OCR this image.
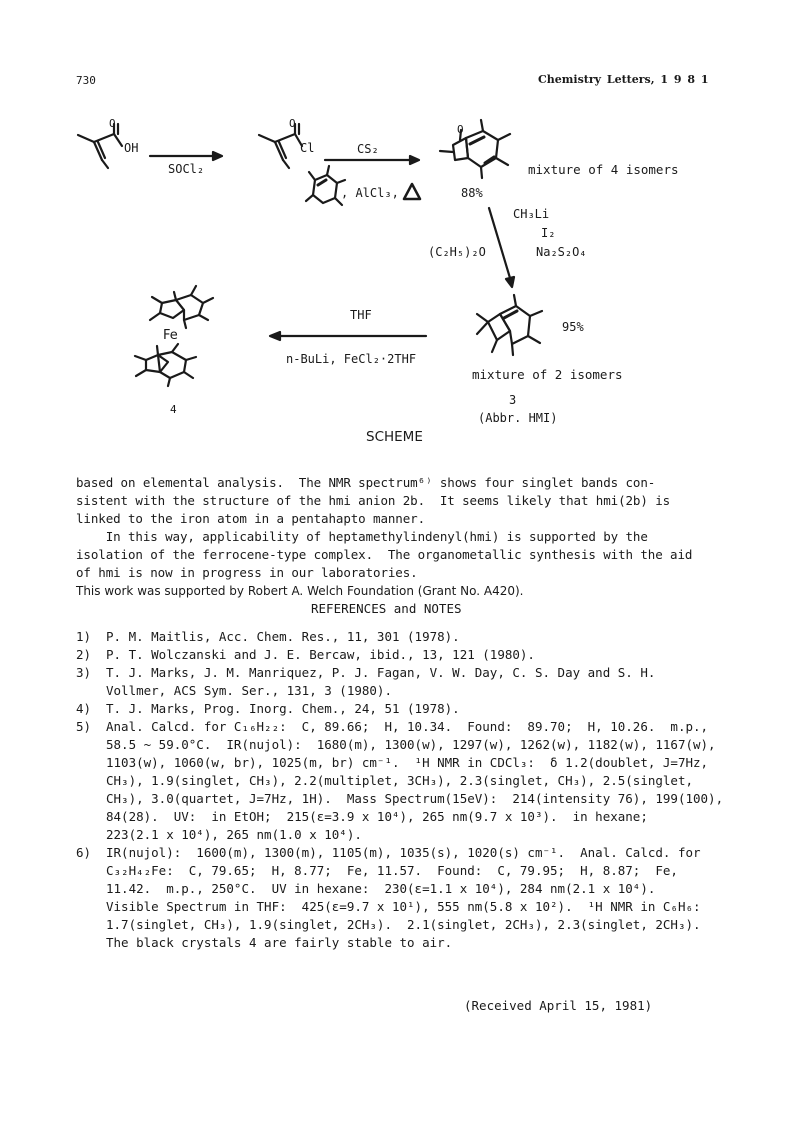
730	Chemistry Letters, 1 9 8 1
O
OH
SOCl₂
O
Cl	CS₂
, AlCl₃,
O
88%
mixture of 4 isomers
CH₃Li
I₂
(C₂H₅)₂O	Na₂S₂O₄
THF
n-BuLi, FeCl₂·2THF
95%
mixture of 2 isomers
3
(Abbr. HMI)
Fe
4
SCHEME
based on elemental analysis.  The NMR spectrum⁶⁾ shows four singlet bands con-
sistent with the structure of the hmi anion 2b.  It seems likely that hmi(2b) is
linked to the iron atom in a pentahapto manner.
In this way, applicability of heptamethylindenyl(hmi) is supported by the
isolation of the ferrocene-type complex.  The organometallic synthesis with the aid
of hmi is now in progress in our laboratories.
This work was supported by Robert A. Welch Foundation (Grant No. A420).
REFERENCES and NOTES
1)	P. M. Maitlis, Acc. Chem. Res., 11, 301 (1978).
2)	P. T. Wolczanski and J. E. Bercaw, ibid., 13, 121 (1980).
3)	T. J. Marks, J. M. Manriquez, P. J. Fagan, V. W. Day, C. S. Day and S. H.
Vollmer, ACS Sym. Ser., 131, 3 (1980).
4)	T. J. Marks, Prog. Inorg. Chem., 24, 51 (1978).
5)	Anal. Calcd. for C₁₆H₂₂:  C, 89.66;  H, 10.34.  Found:  89.70;  H, 10.26.  m.p.,
58.5 ~ 59.0°C.  IR(nujol):  1680(m), 1300(w), 1297(w), 1262(w), 1182(w), 1167(w),
1103(w), 1060(w, br), 1025(m, br) cm⁻¹.  ¹H NMR in CDCl₃:  δ 1.2(doublet, J=7Hz,
CH₃), 1.9(singlet, CH₃), 2.2(multiplet, 3CH₃), 2.3(singlet, CH₃), 2.5(singlet,
CH₃), 3.0(quartet, J=7Hz, 1H).  Mass Spectrum(15eV):  214(intensity 76), 199(100),
84(28).  UV:  in EtOH;  215(ε=3.9 x 10⁴), 265 nm(9.7 x 10³).  in hexane;
223(2.1 x 10⁴), 265 nm(1.0 x 10⁴).
6)	IR(nujol):  1600(m), 1300(m), 1105(m), 1035(s), 1020(s) cm⁻¹.  Anal. Calcd. for
C₃₂H₄₂Fe:  C, 79.65;  H, 8.77;  Fe, 11.57.  Found:  C, 79.95;  H, 8.87;  Fe,
11.42.  m.p., 250°C.  UV in hexane:  230(ε=1.1 x 10⁴), 284 nm(2.1 x 10⁴).
Visible Spectrum in THF:  425(ε=9.7 x 10¹), 555 nm(5.8 x 10²).  ¹H NMR in C₆H₆:
1.7(singlet, CH₃), 1.9(singlet, 2CH₃).  2.1(singlet, 2CH₃), 2.3(singlet, 2CH₃).
The black crystals 4 are fairly stable to air.
(Received April 15, 1981)
